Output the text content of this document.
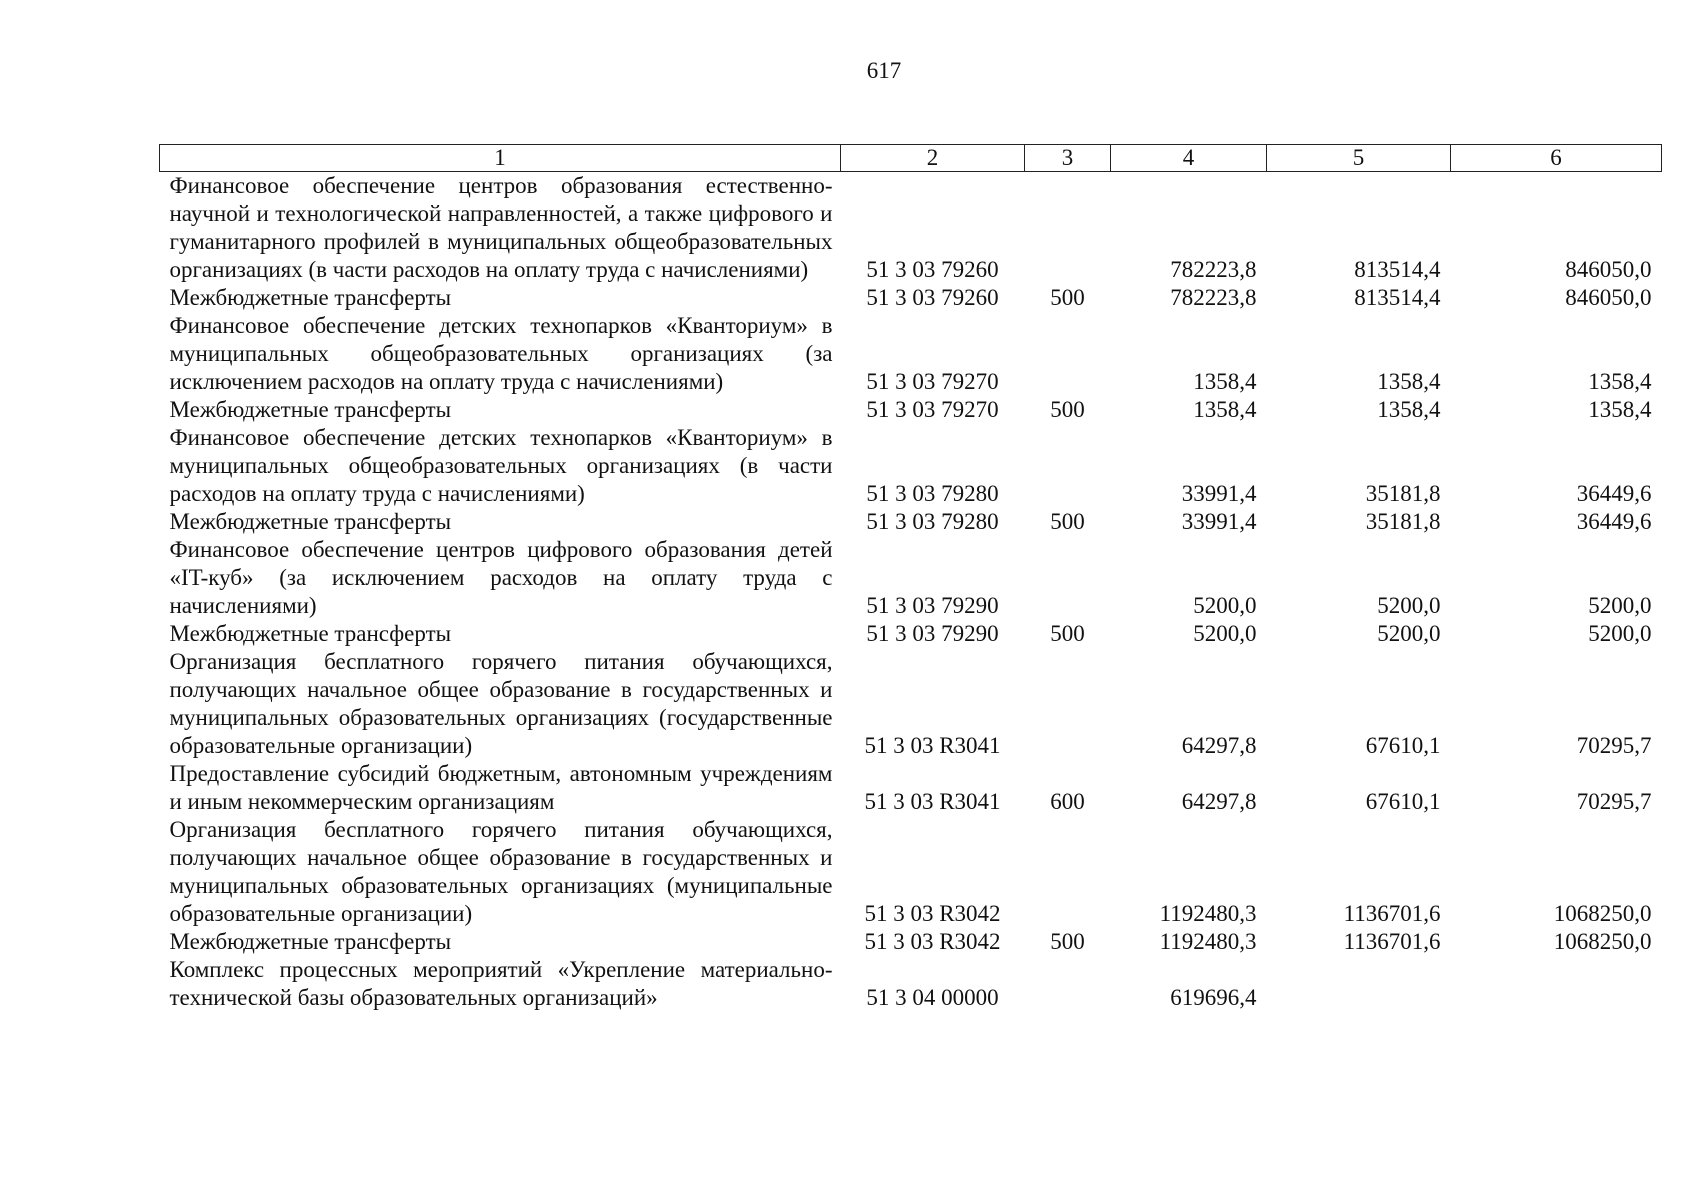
617
1	2	3	4	5	6
Финансовое обеспечение центров образования естественно-научной и технологической направленностей, а также цифрового и гуманитарного профилей в муниципальных общеобразовательных организациях (в части расходов на оплату труда с начислениями)	51 3 03 79260		782223,8	813514,4	846050,0
Межбюджетные трансферты	51 3 03 79260	500	782223,8	813514,4	846050,0
Финансовое обеспечение детских технопарков «Кванториум» в муниципальных общеобразовательных организациях (за исключением расходов на оплату труда с начислениями)	51 3 03 79270		1358,4	1358,4	1358,4
Межбюджетные трансферты	51 3 03 79270	500	1358,4	1358,4	1358,4
Финансовое обеспечение детских технопарков «Кванториум» в муниципальных общеобразовательных организациях (в части расходов на оплату труда с начислениями)	51 3 03 79280		33991,4	35181,8	36449,6
Межбюджетные трансферты	51 3 03 79280	500	33991,4	35181,8	36449,6
Финансовое обеспечение центров цифрового образования детей «IT-куб» (за исключением расходов на оплату труда с начислениями)	51 3 03 79290		5200,0	5200,0	5200,0
Межбюджетные трансферты	51 3 03 79290	500	5200,0	5200,0	5200,0
Организация бесплатного горячего питания обучающихся, получающих начальное общее образование в государственных и муниципальных образовательных организациях (государственные образовательные организации)	51 3 03 R3041		64297,8	67610,1	70295,7
Предоставление субсидий бюджетным, автономным учреждениям и иным некоммерческим организациям	51 3 03 R3041	600	64297,8	67610,1	70295,7
Организация бесплатного горячего питания обучающихся, получающих начальное общее образование в государственных и муниципальных образовательных организациях (муниципальные образовательные организации)	51 3 03 R3042		1192480,3	1136701,6	1068250,0
Межбюджетные трансферты	51 3 03 R3042	500	1192480,3	1136701,6	1068250,0
Комплекс процессных мероприятий «Укрепление материально-технической базы образовательных организаций»	51 3 04 00000		619696,4		
